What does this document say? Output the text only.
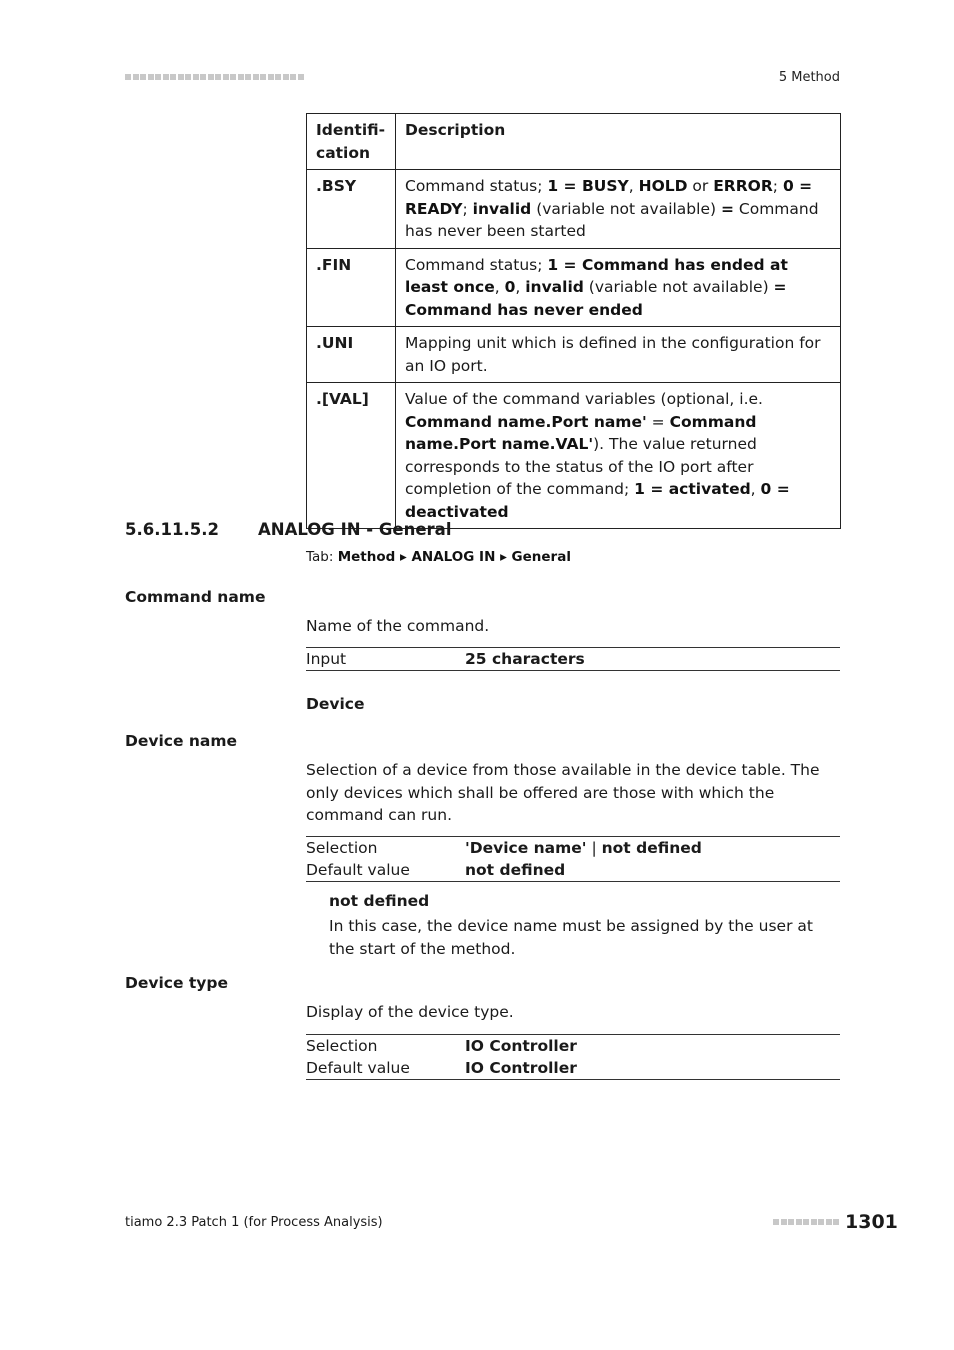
5 Method
Identifi-
cation	Description
.BSY	Command status; 1 = BUSY, HOLD or ERROR; 0 = READY; invalid (variable not available) = Command has never been started
.FIN	Command status; 1 = Command has ended at least once, 0, invalid (variable not available) = Command has never ended
.UNI	Mapping unit which is defined in the configuration for an IO port.
.[VAL]	Value of the command variables (optional, i.e. Command name.Port name' = Command name.Port name.VAL'). The value returned corresponds to the status of the IO port after completion of the command; 1 = activated, 0 = deactivated
5.6.11.5.2 ANALOG IN - General
Tab: Method ▸ ANALOG IN ▸ General
Command name
Name of the command.
Input	25 characters
Device
Device name
Selection of a device from those available in the device table. The only devices which shall be offered are those with which the command can run.
Selection	'Device name' | not defined
Default value	not defined
not defined
In this case, the device name must be assigned by the user at the start of the method.
Device type
Display of the device type.
Selection	IO Controller
Default value	IO Controller
tiamo 2.3 Patch 1 (for Process Analysis)	1301
